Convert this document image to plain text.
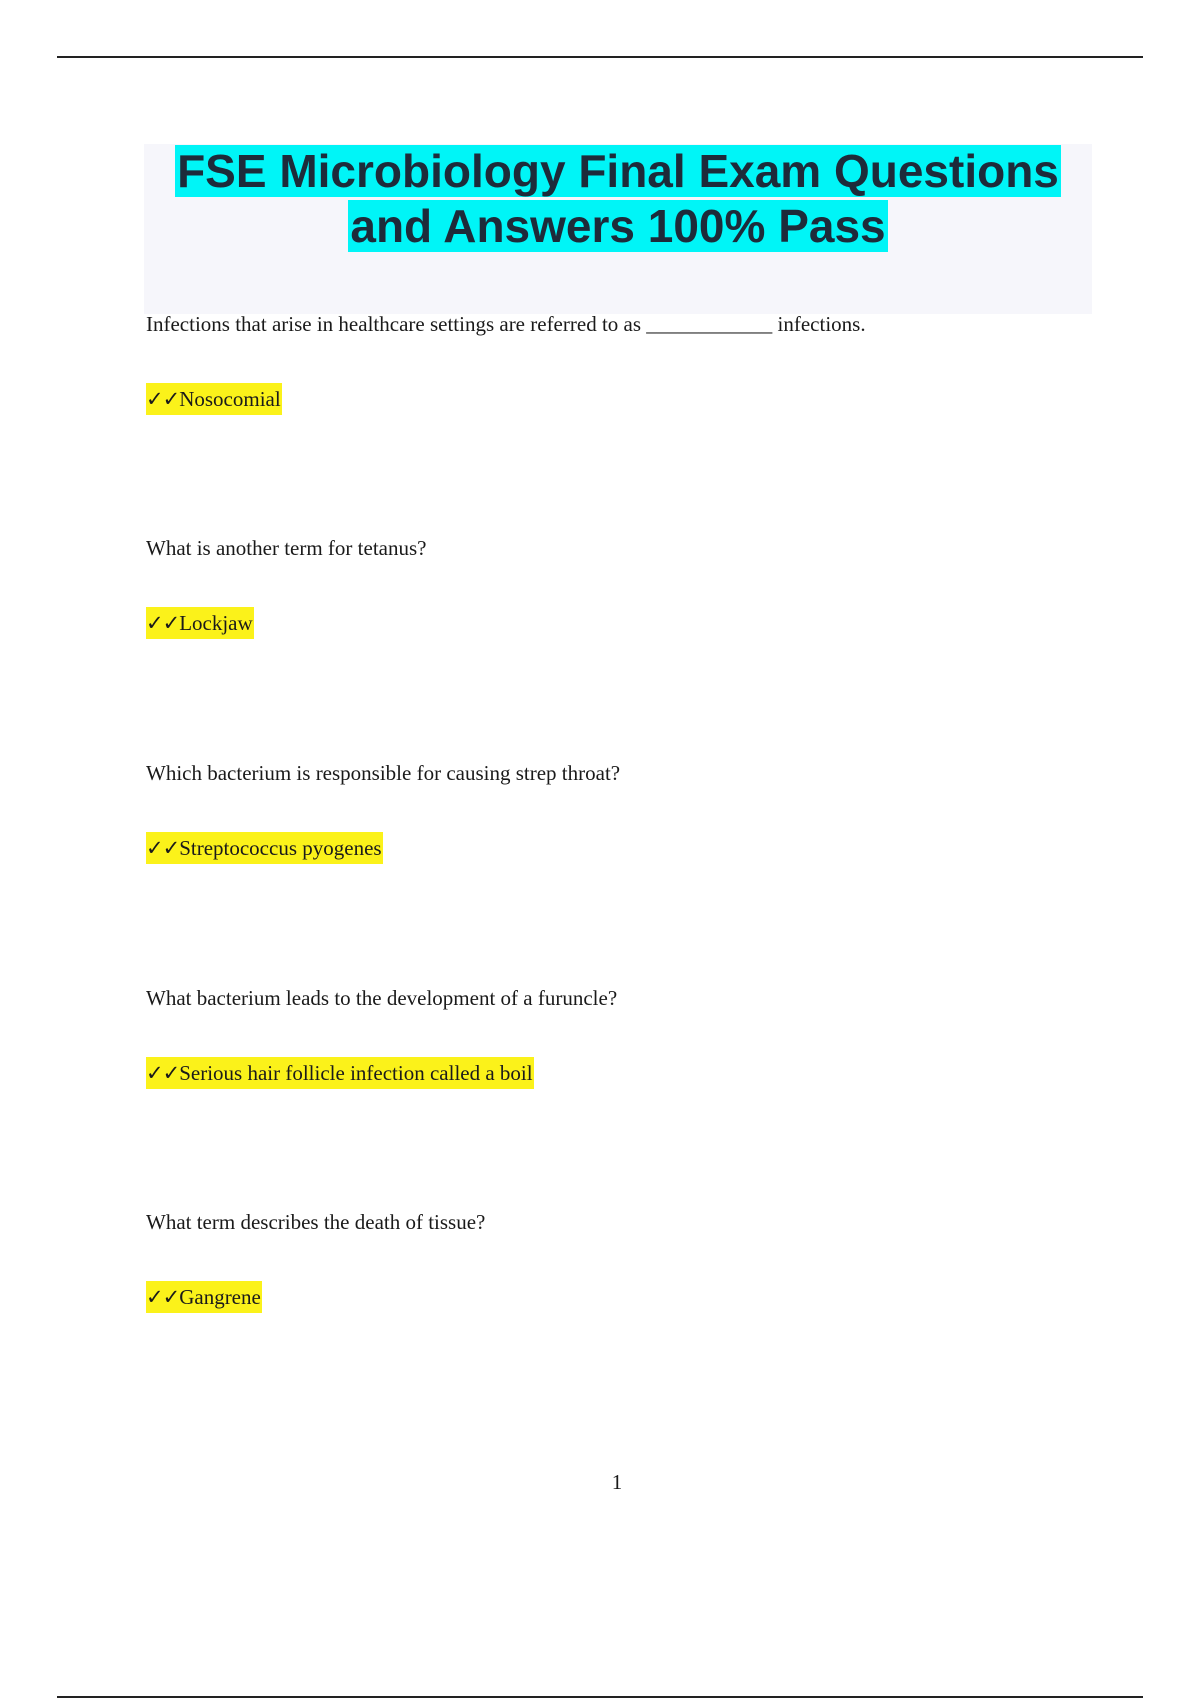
FSE Microbiology Final Exam Questions
and Answers 100% Pass

Infections that arise in healthcare settings are referred to as ____________ infections.

✓✓Nosocomial

What is another term for tetanus?

✓✓Lockjaw

Which bacterium is responsible for causing strep throat?

✓✓Streptococcus pyogenes

What bacterium leads to the development of a furuncle?

✓✓Serious hair follicle infection called a boil

What term describes the death of tissue?

✓✓Gangrene

1
